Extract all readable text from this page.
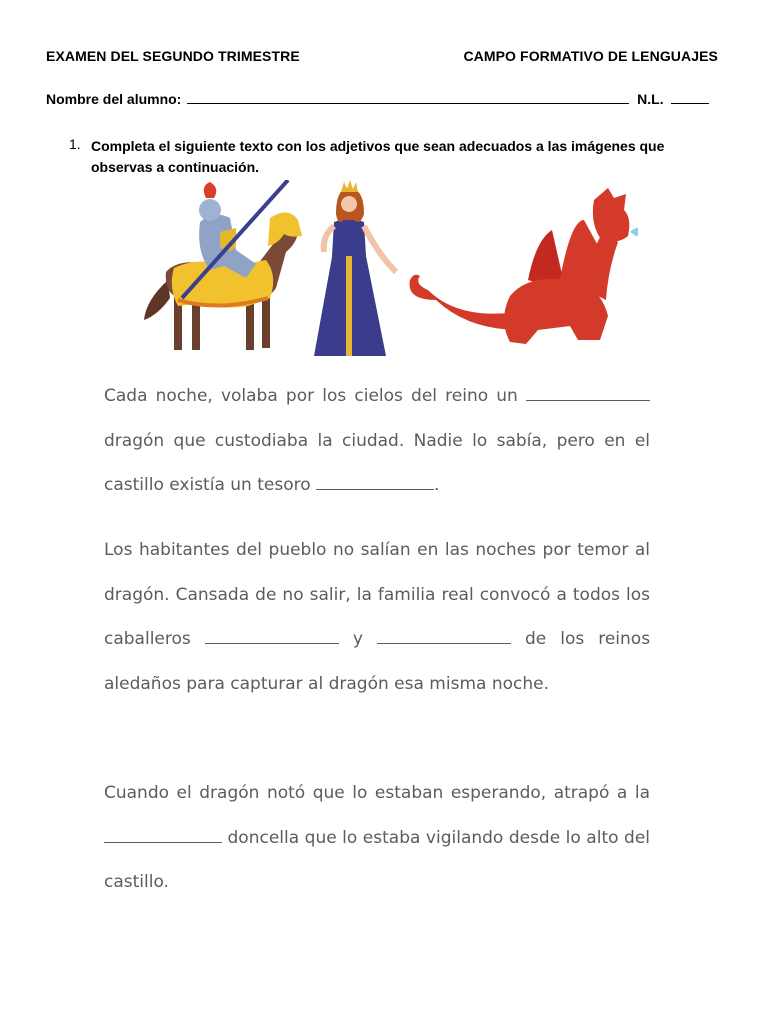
EXAMEN DEL SEGUNDO TRIMESTRE	CAMPO FORMATIVO DE LENGUAJES
Nombre del alumno:	N.L.
1. Completa el siguiente texto con los adjetivos que sean adecuados a las imágenes que observas a continuación.
Cada noche, volaba por los cielos del reino un  dragón que custodiaba la ciudad. Nadie lo sabía, pero en el castillo existía un tesoro	.
Los habitantes del pueblo no salían en las noches por temor al dragón. Cansada de no salir, la familia real convocó a todos los caballeros	y	de los reinos aledaños para capturar al dragón esa misma noche.
Cuando el dragón notó que lo estaban esperando, atrapó a la  doncella que lo estaba vigilando desde lo alto del castillo.
